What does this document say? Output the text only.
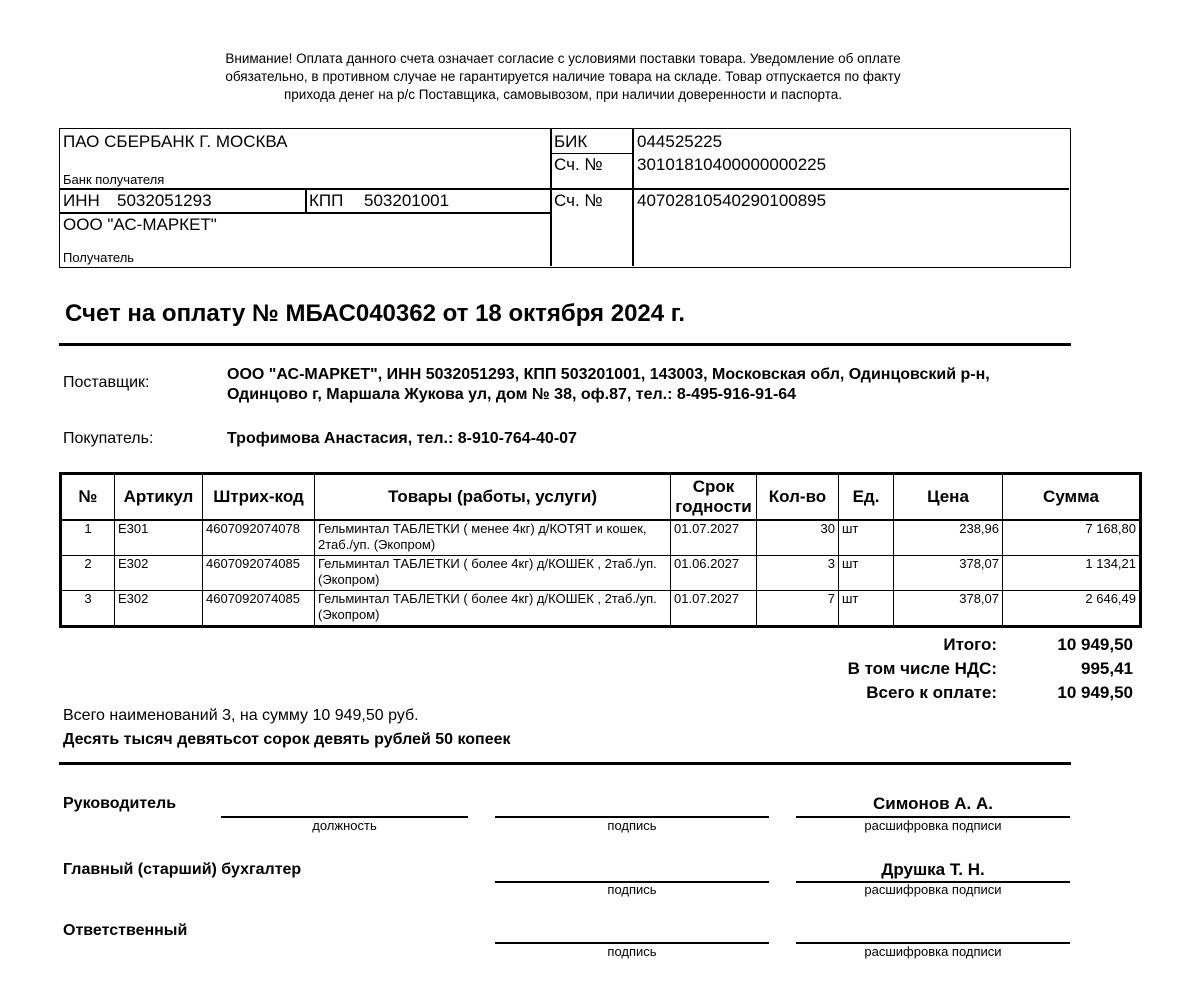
Внимание! Оплата данного счета означает согласие с условиями поставки товара. Уведомление об оплате
обязательно, в противном случае не гарантируется наличие товара на складе. Товар отпускается по факту
прихода денег на р/с Поставщика, самовывозом, при наличии доверенности и паспорта.
ПАО СБЕРБАНК Г. МОСКВА
Банк получателя
БИК	044525225
Сч. № 30101810400000000225
ИНН 5032051293	КПП 503201001	Сч. № 40702810540290100895
ООО "АС-МАРКЕТ"
Получатель
Счет на оплату № МБАС040362 от 18 октября 2024 г.
Поставщик:	ООО "АС-МАРКЕТ", ИНН 5032051293, КПП 503201001, 143003, Московская обл, Одинцовский р-н,
Одинцово г, Маршала Жукова ул, дом № 38, оф.87, тел.: 8-495-916-91-64
Покупатель:	Трофимова Анастасия, тел.: 8-910-764-40-07
№	Артикул	Штрих-код	Товары (работы, услуги)	Срок
годности	Кол-во	Ед.	Цена	Сумма
1	E301	4607092074078	Гельминтал ТАБЛЕТКИ ( менее 4кг) д/КОТЯТ и кошек, 2таб./уп. (Экопром)	01.07.2027	30	шт	238,96	7 168,80
2	E302	4607092074085	Гельминтал ТАБЛЕТКИ ( более 4кг) д/КОШЕК , 2таб./уп.(Экопром)	01.06.2027	3	шт	378,07	1 134,21
3	E302	4607092074085	Гельминтал ТАБЛЕТКИ ( более 4кг) д/КОШЕК , 2таб./уп.(Экопром)	01.07.2027	7	шт	378,07	2 646,49
Итого:	10 949,50
В том числе НДС:	995,41
Всего к оплате:	10 949,50
Всего наименований 3, на сумму 10 949,50 руб.
Десять тысяч девятьсот сорок девять рублей 50 копеек
Руководитель	Симонов А. А.
должность	подпись	расшифровка подписи
Главный (старший) бухгалтер	Друшка Т. Н.
подпись	расшифровка подписи
Ответственный
подпись	расшифровка подписи
